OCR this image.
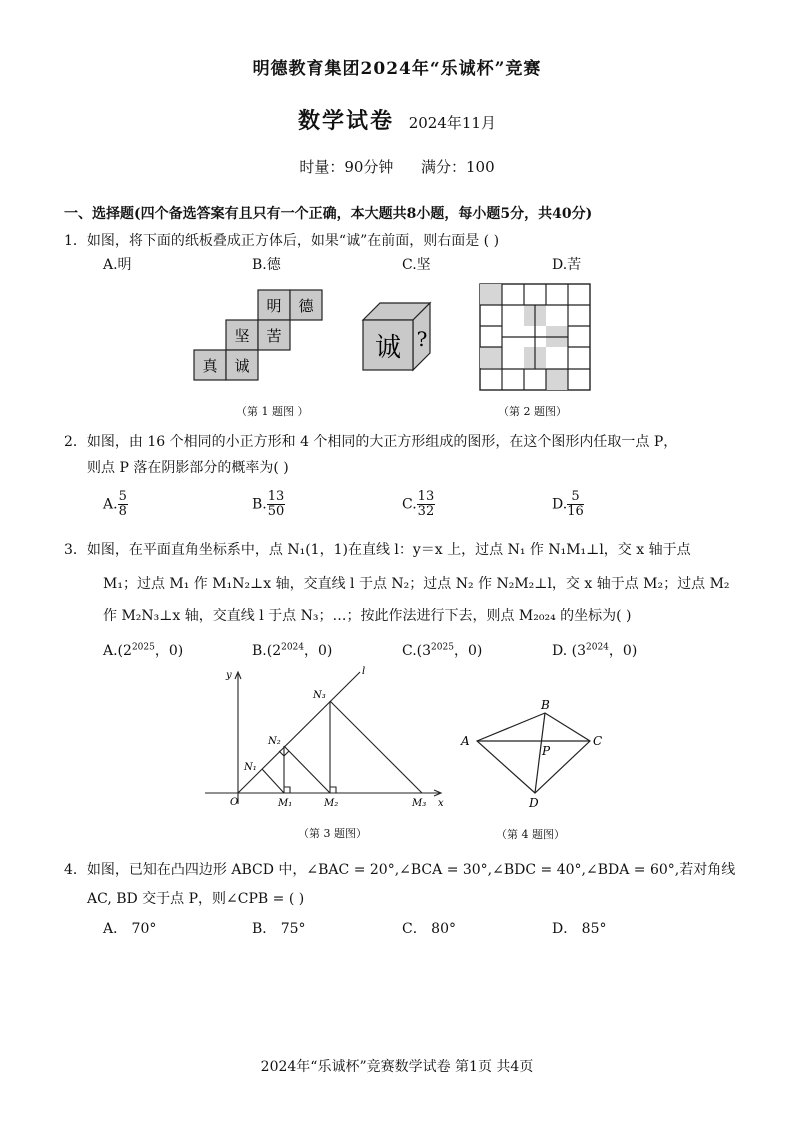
明德教育集团2024年“乐诚杯”竞赛
数学试卷 2024年11月
时量：90分钟 满分：100
一、选择题(四个备选答案有且只有一个正确，本大题共8小题，每小题5分，共40分)
1．如图，将下面的纸板叠成正方体后，如果“诚”在前面，则右面是 ( )
A.明	B.德	C.坚	D.苦
明 德
坚 苦
真 诚
诚 ?
（第 1 题图 ）	（第 2 题图）
2．如图，由 16 个相同的小正方形和 4 个相同的大正方形组成的图形，在这个图形内任取一点 P，
则点 P 落在阴影部分的概率为( )
A. $\frac{5}{8}$	B. $\frac{13}{50}$	C. $\frac{13}{32}$	D. $\frac{5}{16}$
3．如图，在平面直角坐标系中，点 N₁(1，1)在直线 l：y＝x 上，过点 N₁ 作 N₁M₁⊥l，交 x 轴于点
M₁；过点 M₁ 作 M₁N₂⊥x 轴，交直线 l 于点 N₂；过点 N₂ 作 N₂M₂⊥l，交 x 轴于点 M₂；过点 M₂
作 M₂N₃⊥x 轴，交直线 l 于点 N₃；…；按此作法进行下去，则点 M₂₀₂₄ 的坐标为( )
$A.(2^{2025}$，0)	$B.(2^{2024}$，0)	$C.(3^{2025}$，0)	D. ($3^{2024}$，0)
y
x
l
O
N₁
N₂
N₃
M₁	M₂	M₃
A
B
C
D
P
（第 3 题图）	（第 4 题图）
4．如图，已知在凸四边形 ABCD 中，∠BAC = 20°,∠BCA = 30°,∠BDC = 40°,∠BDA = 60°,若对角线
AC, BD 交于点 P，则∠CPB = ( )
A． 70°	B． 75°	C． 80°	D． 85°
2024年“乐诚杯”竞赛数学试卷 第1页 共4页
